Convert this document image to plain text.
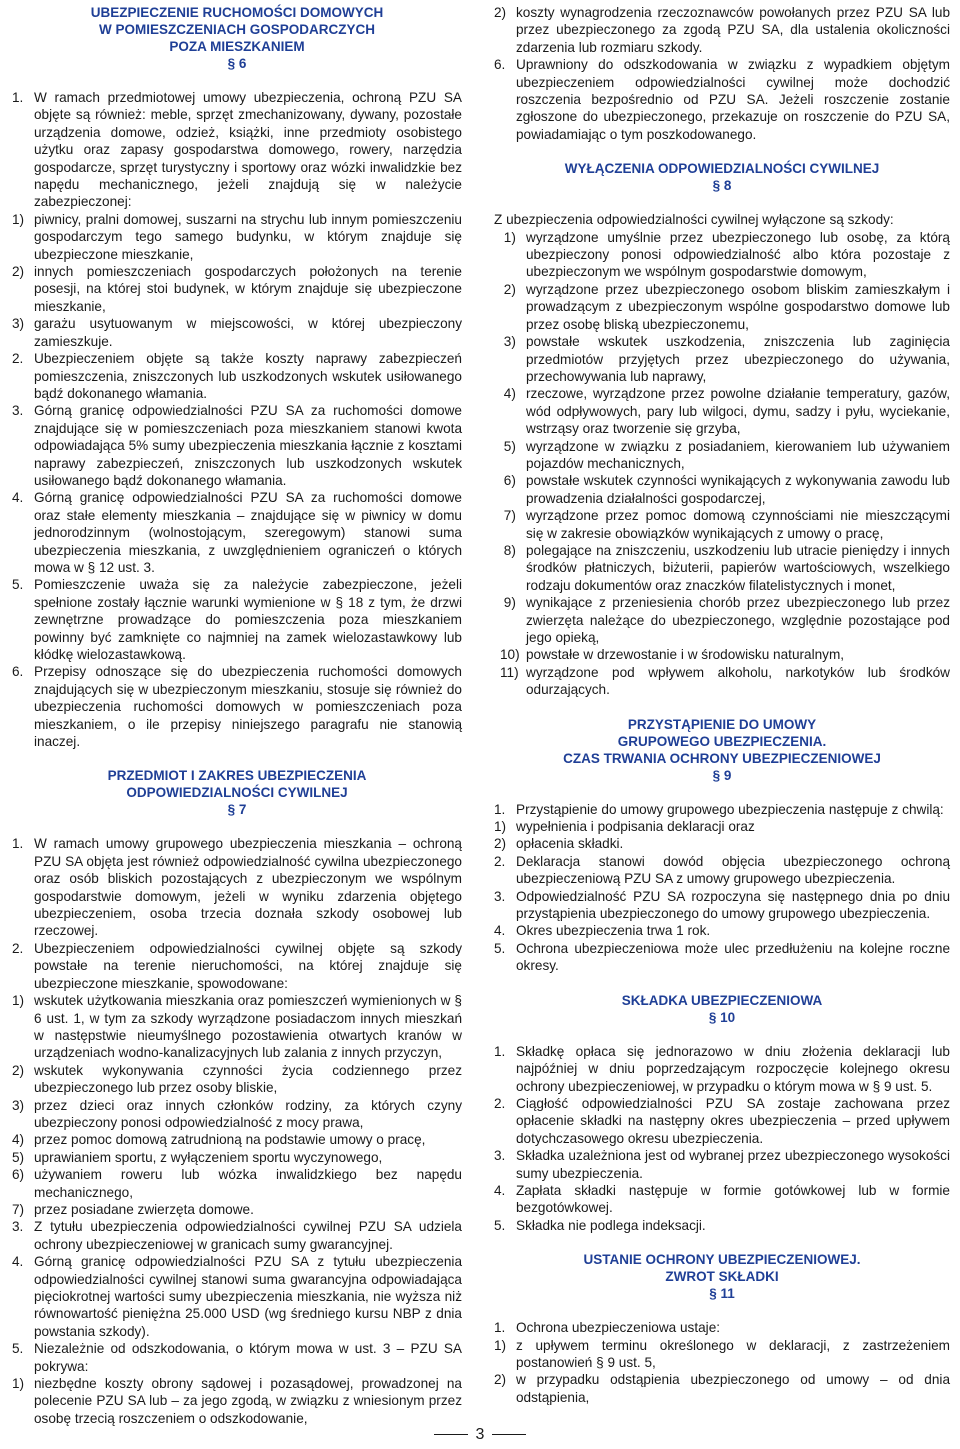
UBEZPIECZENIE RUCHOMOŚCI DOMOWYCH
W POMIESZCZENIACH GOSPODARCZYCH
POZA MIESZKANIEM
§ 6
1. W ramach przedmiotowej umowy ubezpieczenia, ochroną PZU SA objęte są również: meble, sprzęt zmechanizowany, dywany, pozostałe urządzenia domowe, odzież, książki, inne przedmioty osobistego użytku oraz zapasy gospodarstwa domowego, rowery, narzędzia gospodarcze, sprzęt turystyczny i sportowy oraz wózki inwalidzkie bez napędu mechanicznego, jeżeli znajdują się w należycie zabezpieczonej:
1) piwnicy, pralni domowej, suszarni na strychu lub innym pomieszczeniu gospodarczym tego samego budynku, w którym znajduje się ubezpieczone mieszkanie,
2) innych pomieszczeniach gospodarczych położonych na terenie posesji, na której stoi budynek, w którym znajduje się ubezpieczone mieszkanie,
3) garażu usytuowanym w miejscowości, w której ubezpieczony zamieszkuje.
2. Ubezpieczeniem objęte są także koszty naprawy zabezpieczeń pomieszczenia, zniszczonych lub uszkodzonych wskutek usiłowanego bądź dokonanego włamania.
3. Górną granicę odpowiedzialności PZU SA za ruchomości domowe znajdujące się w pomieszczeniach poza mieszkaniem stanowi kwota odpowiadająca 5% sumy ubezpieczenia mieszkania łącznie z kosztami naprawy zabezpieczeń, zniszczonych lub uszkodzonych wskutek usiłowanego bądź dokonanego włamania.
4. Górną granicę odpowiedzialności PZU SA za ruchomości domowe oraz stałe elementy mieszkania – znajdujące się w piwnicy w domu jednorodzinnym (wolnostojącym, szeregowym) stanowi suma ubezpieczenia mieszkania, z uwzględnieniem ograniczeń o których mowa w § 12 ust. 3.
5. Pomieszczenie uważa się za należycie zabezpieczone, jeżeli spełnione zostały łącznie warunki wymienione w § 18 z tym, że drzwi zewnętrzne prowadzące do pomieszczenia poza mieszkaniem powinny być zamknięte co najmniej na zamek wielozastawkowy lub kłódkę wielozastawkową.
6. Przepisy odnoszące się do ubezpieczenia ruchomości domowych znajdujących się w ubezpieczonym mieszkaniu, stosuje się również do ubezpieczenia ruchomości domowych w pomieszczeniach poza mieszkaniem, o ile przepisy niniejszego paragrafu nie stanowią inaczej.
PRZEDMIOT I ZAKRES UBEZPIECZENIA
ODPOWIEDZIALNOŚCI CYWILNEJ
§ 7
1. W ramach umowy grupowego ubezpieczenia mieszkania – ochroną PZU SA objęta jest również odpowiedzialność cywilna ubezpieczonego oraz osób bliskich pozostających z ubezpieczonym we wspólnym gospodarstwie domowym, jeżeli w wyniku zdarzenia objętego ubezpieczeniem, osoba trzecia doznała szkody osobowej lub rzeczowej.
2. Ubezpieczeniem odpowiedzialności cywilnej objęte są szkody powstałe na terenie nieruchomości, na której znajduje się ubezpieczone mieszkanie, spowodowane:
1) wskutek użytkowania mieszkania oraz pomieszczeń wymienionych w § 6 ust. 1, w tym za szkody wyrządzone posiadaczom innych mieszkań w następstwie nieumyślnego pozostawienia otwartych kranów w urządzeniach wodno-kanalizacyjnych lub zalania z innych przyczyn,
2) wskutek wykonywania czynności życia codziennego przez ubezpieczonego lub przez osoby bliskie,
3) przez dzieci oraz innych członków rodziny, za których czyny ubezpieczony ponosi odpowiedzialność z mocy prawa,
4) przez pomoc domową zatrudnioną na podstawie umowy o pracę,
5) uprawianiem sportu, z wyłączeniem sportu wyczynowego,
6) używaniem roweru lub wózka inwalidzkiego bez napędu mechanicznego,
7) przez posiadane zwierzęta domowe.
3. Z tytułu ubezpieczenia odpowiedzialności cywilnej PZU SA udziela ochrony ubezpieczeniowej w granicach sumy gwarancyjnej.
4. Górną granicę odpowiedzialności PZU SA z tytułu ubezpieczenia odpowiedzialności cywilnej stanowi suma gwarancyjna odpowiadająca pięciokrotnej wartości sumy ubezpieczenia mieszkania, nie wyższa niż równowartość pieniężna 25.000 USD (wg średniego kursu NBP z dnia powstania szkody).
5. Niezależnie od odszkodowania, o którym mowa w ust. 3 – PZU SA pokrywa:
1) niezbędne koszty obrony sądowej i pozasądowej, prowadzonej na polecenie PZU SA lub – za jego zgodą, w związku z wniesionym przez osobę trzecią roszczeniem o odszkodowanie,
2) koszty wynagrodzenia rzeczoznawców powołanych przez PZU SA lub przez ubezpieczonego za zgodą PZU SA, dla ustalenia okoliczności zdarzenia lub rozmiaru szkody.
6. Uprawniony do odszkodowania w związku z wypadkiem objętym ubezpieczeniem odpowiedzialności cywilnej może dochodzić roszczenia bezpośrednio od PZU SA. Jeżeli roszczenie zostanie zgłoszone do ubezpieczonego, przekazuje on roszczenie do PZU SA, powiadamiając o tym poszkodowanego.
WYŁĄCZENIA ODPOWIEDZIALNOŚCI CYWILNEJ
§ 8

Z ubezpieczenia odpowiedzialności cywilnej wyłączone są szkody:

1) wyrządzone umyślnie przez ubezpieczonego lub osobę, za którą ubezpieczony ponosi odpowiedzialność albo która pozostaje z ubezpieczonym we wspólnym gospodarstwie domowym,
2) wyrządzone przez ubezpieczonego osobom bliskim zamieszkałym i prowadzącym z ubezpieczonym wspólne gospodarstwo domowe lub przez osobę bliską ubezpieczonemu,
3) powstałe wskutek uszkodzenia, zniszczenia lub zaginięcia przedmiotów przyjętych przez ubezpieczonego do używania, przechowywania lub naprawy,
4) rzeczowe, wyrządzone przez powolne działanie temperatury, gazów, wód odpływowych, pary lub wilgoci, dymu, sadzy i pyłu, wyciekanie, wstrząsy oraz tworzenie się grzyba,
5) wyrządzone w związku z posiadaniem, kierowaniem lub używaniem pojazdów mechanicznych,
6) powstałe wskutek czynności wynikających z wykonywania zawodu lub prowadzenia działalności gospodarczej,
7) wyrządzone przez pomoc domową czynnościami nie mieszczącymi się w zakresie obowiązków wynikających z umowy o pracę,
8) polegające na zniszczeniu, uszkodzeniu lub utracie pieniędzy i innych środków płatniczych, biżuterii, papierów wartościowych, wszelkiego rodzaju dokumentów oraz znaczków filatelistycznych i monet,
9) wynikające z przeniesienia chorób przez ubezpieczonego lub przez zwierzęta należące do ubezpieczonego, względnie pozostające pod jego opieką,
10) powstałe w drzewostanie i w środowisku naturalnym,
11) wyrządzone pod wpływem alkoholu, narkotyków lub środków odurzających.
PRZYSTĄPIENIE DO UMOWY
GRUPOWEGO UBEZPIECZENIA.
CZAS TRWANIA OCHRONY UBEZPIECZENIOWEJ
§ 9
1. Przystąpienie do umowy grupowego ubezpieczenia następuje z chwilą:
1) wypełnienia i podpisania deklaracji oraz
2) opłacenia składki.
2. Deklaracja stanowi dowód objęcia ubezpieczonego ochroną ubezpieczeniową PZU SA z umowy grupowego ubezpieczenia.
3. Odpowiedzialność PZU SA rozpoczyna się następnego dnia po dniu przystąpienia ubezpieczonego do umowy grupowego ubezpieczenia.
4. Okres ubezpieczenia trwa 1 rok.
5. Ochrona ubezpieczeniowa może ulec przedłużeniu na kolejne roczne okresy.
SKŁADKA UBEZPIECZENIOWA
§ 10
1. Składkę opłaca się jednorazowo w dniu złożenia deklaracji lub najpóźniej w dniu poprzedzającym rozpoczęcie kolejnego okresu ochrony ubezpieczeniowej, w przypadku o którym mowa w § 9 ust. 5.
2. Ciągłość odpowiedzialności PZU SA zostaje zachowana przez opłacenie składki na następny okres ubezpieczenia – przed upływem dotychczasowego okresu ubezpieczenia.
3. Składka uzależniona jest od wybranej przez ubezpieczonego wysokości sumy ubezpieczenia.
4. Zapłata składki następuje w formie gotówkowej lub w formie bezgotówkowej.
5. Składka nie podlega indeksacji.
USTANIE OCHRONY UBEZPIECZENIOWEJ.
ZWROT SKŁADKI
§ 11
1. Ochrona ubezpieczeniowa ustaje:
1) z upływem terminu określonego w deklaracji, z zastrzeżeniem postanowień § 9 ust. 5,
2) w przypadku odstąpienia ubezpieczonego od umowy – od dnia odstąpienia,
3
